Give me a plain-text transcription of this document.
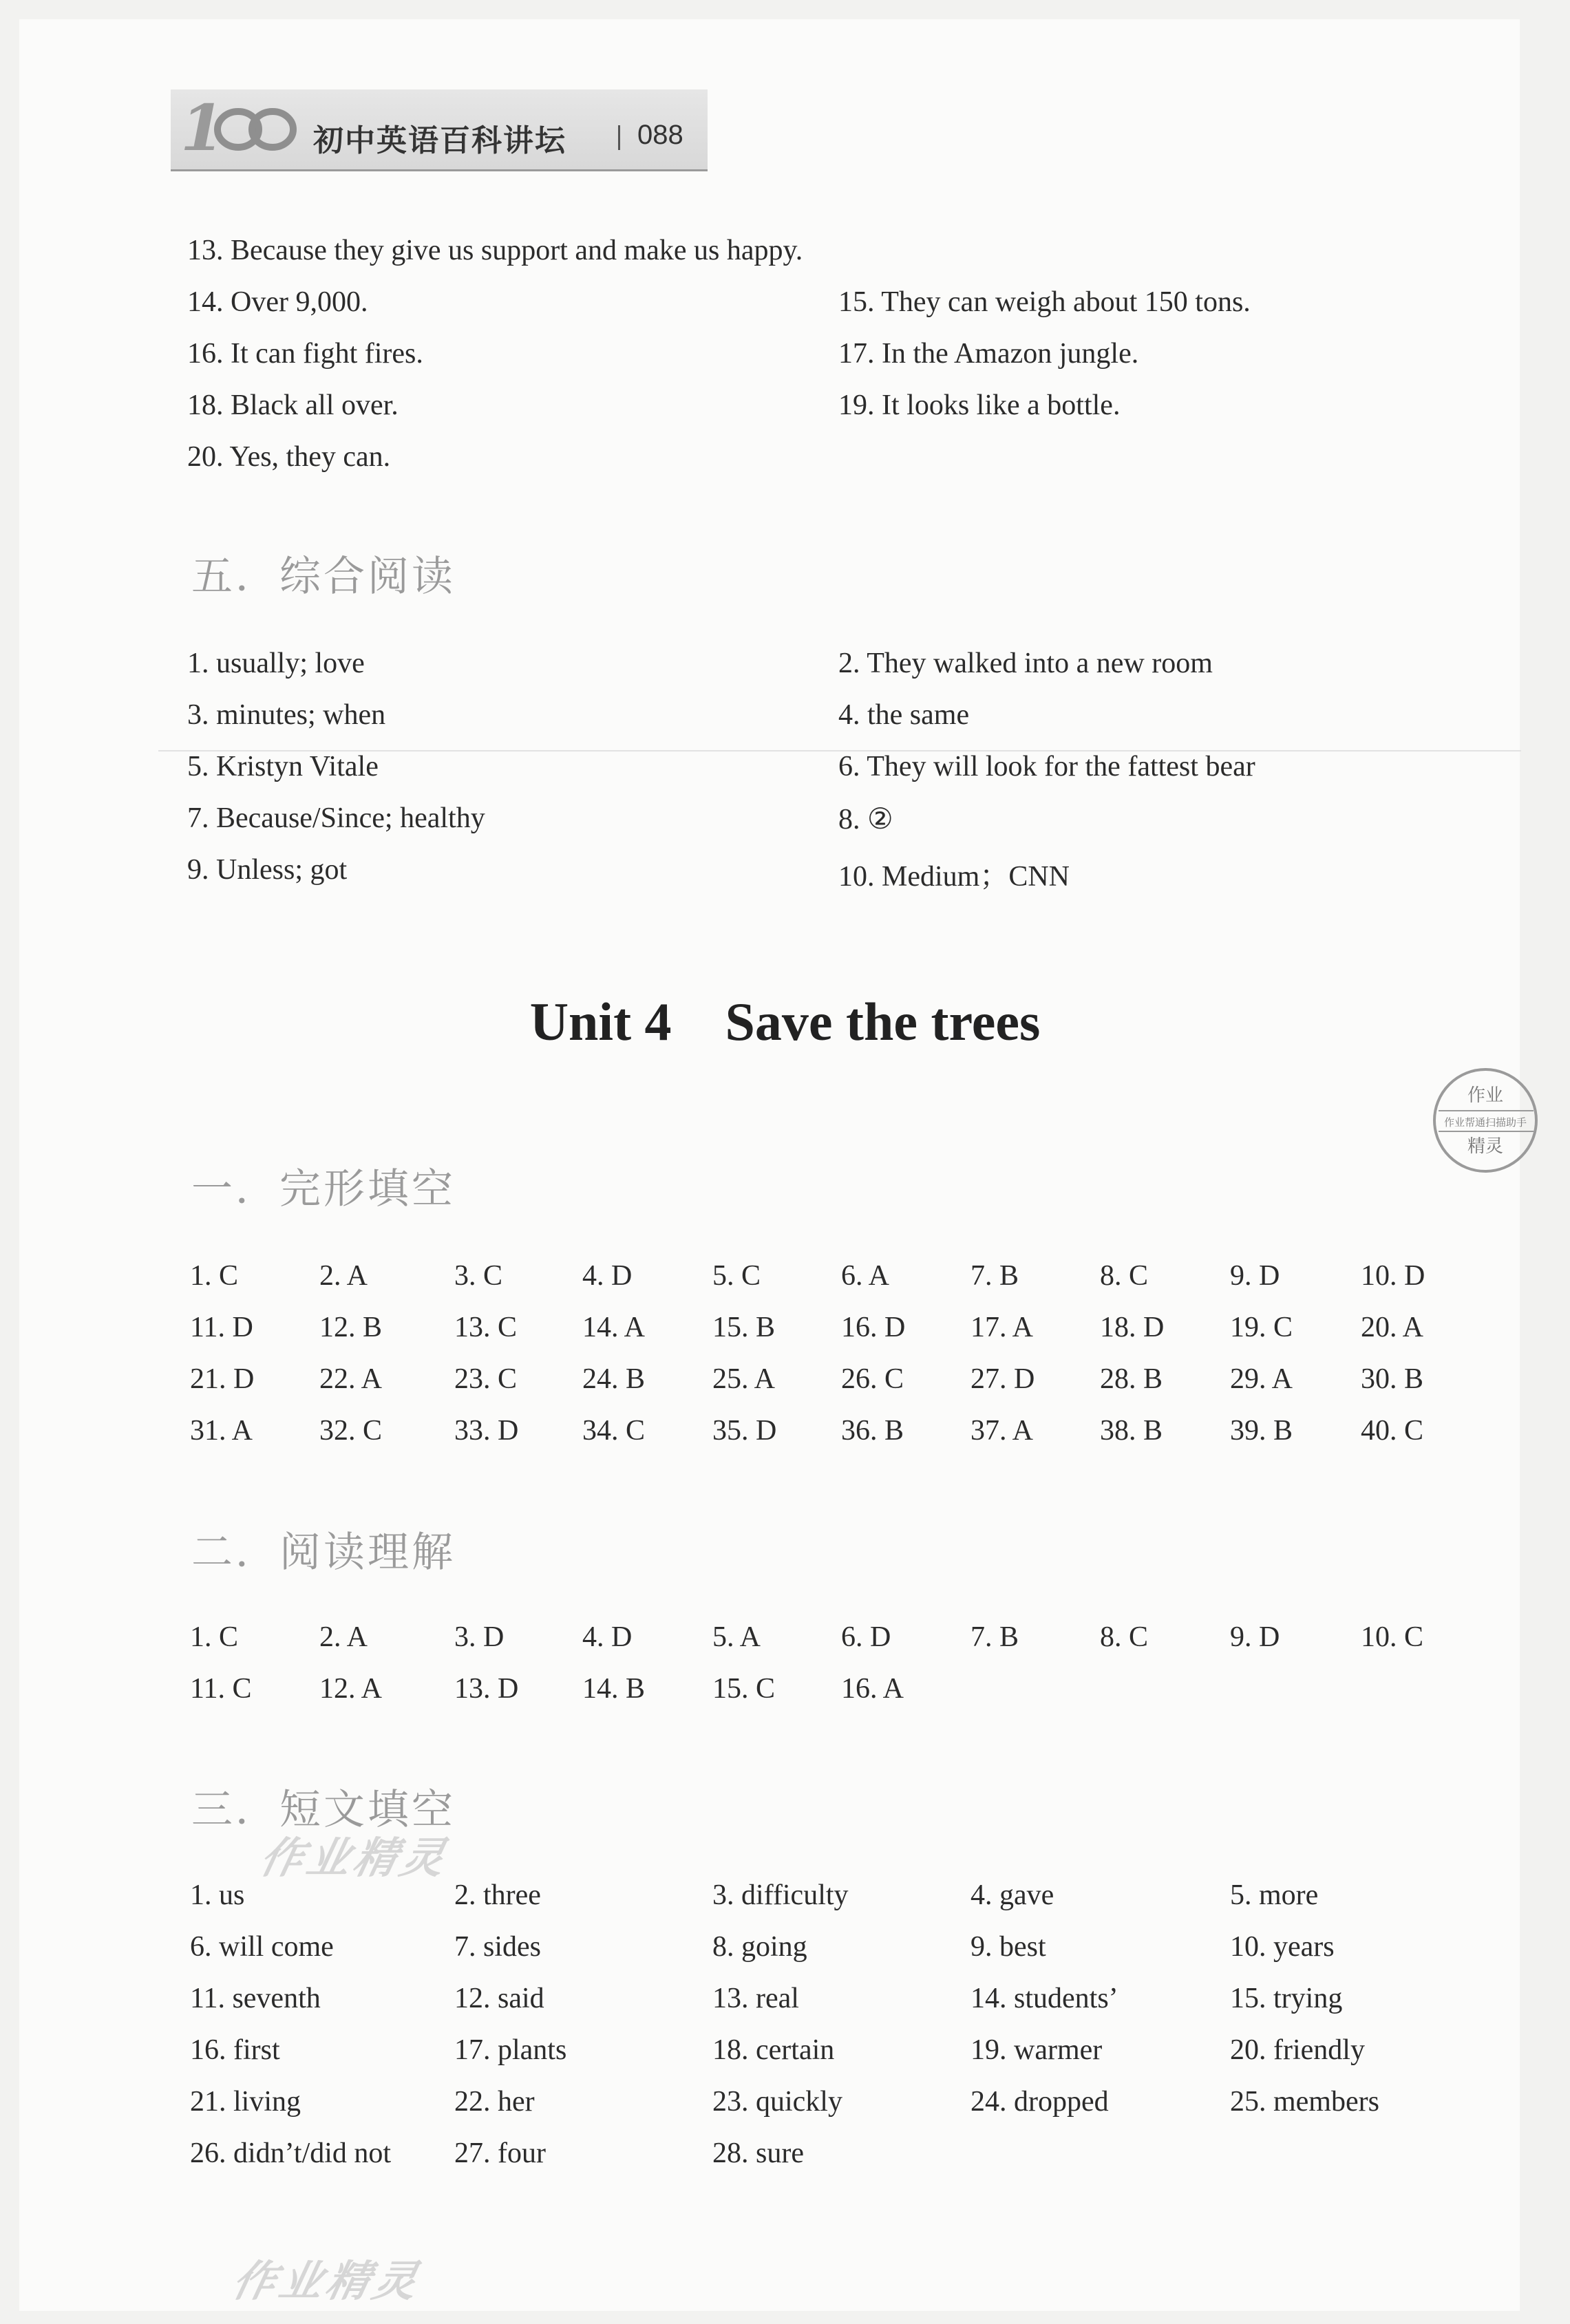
1	初中英语百科讲坛	088
13. Because they give us support and make us happy.
14. Over 9,000.	15. They can weigh about 150 tons.
16. It can fight fires.	17. In the Amazon jungle.
18. Black all over.	19. It looks like a bottle.
20. Yes, they can.
五．综合阅读
1. usually; love	2. They walked into a new room
3. minutes; when	4. the same
5. Kristyn Vitale	6. They will look for the fattest bear
7. Because/Since; healthy	8. ②
9. Unless; got	10. Medium；CNN
Unit 4    Save the trees
作业
作业帮通扫描助手
精灵
一．完形填空
1. C	2. A	3. C	4. D	5. C	6. A	7. B	8. C	9. D	10. D
11. D 12. B 13. C 14. A 15. B 16. D 17. A 18. D 19. C 20. A
21. D 22. A 23. C 24. B 25. A 26. C 27. D 28. B 29. A 30. B
31. A 32. C 33. D 34. C 35. D 36. B 37. A 38. B 39. B 40. C
二．阅读理解
1. C	2. A	3. D	4. D	5. A	6. D	7. B	8. C	9. D	10. C
11. C 12. A 13. D 14. B 15. C 16. A
三．短文填空
作业精灵
1. us	2. three	3. difficulty	4. gave	5. more
6. will come	7. sides	8. going	9. best	10. years
11. seventh	12. said	13. real	14. students’	15. trying
16. first	17. plants	18. certain	19. warmer	20. friendly
21. living	22. her	23. quickly	24. dropped	25. members
26. didn’t/did not 27. four	28. sure
作业精灵
